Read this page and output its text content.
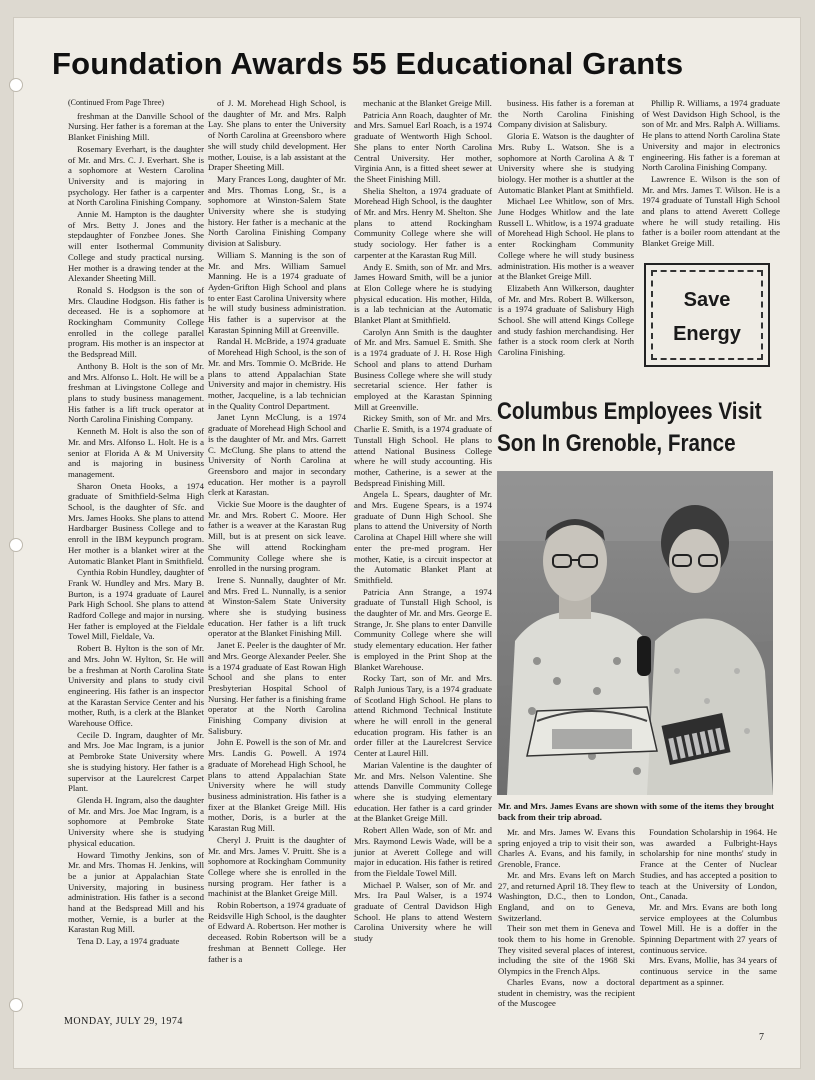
Foundation Awards 55 Educational Grants

(Continued From Page Three)

freshman at the Danville School of Nursing. Her father is a foreman at the Blanket Finishing Mill.

Rosemary Everhart, is the daughter of Mr. and Mrs. C. J. Everhart. She is a sophomore at Western Carolina University and is majoring in psychology. Her father is a carpenter at North Carolina Finishing Company.

Annie M. Hampton is the daughter of Mrs. Betty J. Jones and the stepdaughter of Fonzbee Jones. She will enter Isothermal Community College and study practical nursing. Her mother is a drawing tender at the Alexander Sheeting Mill.

Ronald S. Hodgson is the son of Mrs. Claudine Hodgson. His father is deceased. He is a sophomore at Rockingham Community College enrolled in the college parallel program. His mother is an inspector at the Bedspread Mill.

Anthony B. Holt is the son of Mr. and Mrs. Alfonso L. Holt. He will be a freshman at Livingstone College and plans to study business management. His father is a lift truck operator at North Carolina Finishing Company.

Kenneth M. Holt is also the son of Mr. and Mrs. Alfonso L. Holt. He is a senior at Florida A & M University and is majoring in business management.

Sharon Oneta Hooks, a 1974 graduate of Smithfield-Selma High School, is the daughter of Sfc. and Mrs. James Hooks. She plans to attend Hardbarger Business College and to enroll in the IBM keypunch program. Her mother is a blanket wirer at the Automatic Blanket Plant in Smithfield.

Cynthia Robin Hundley, daughter of Frank W. Hundley and Mrs. Mary B. Burton, is a 1974 graduate of Laurel Park High School. She plans to attend Radford College and major in nursing. Her father is employed at the Fieldale Towel Mill, Fieldale, Va.

Robert B. Hylton is the son of Mr. and Mrs. John W. Hylton, Sr. He will be a freshman at North Carolina State University and plans to study civil engineering. His father is an inspector at the Karastan Service Center and his mother, Ruth, is a clerk at the Blanket Warehouse Office.

Cecile D. Ingram, daughter of Mr. and Mrs. Joe Mac Ingram, is a junior at Pembroke State University where she is studying history. Her father is a supervisor at the Laurelcrest Carpet Plant.

Glenda H. Ingram, also the daughter of Mr. and Mrs. Joe Mac Ingram, is a sophomore at Pembroke State University where she is studying physical education.

Howard Timothy Jenkins, son of Mr. and Mrs. Thomas H. Jenkins, will be a junior at Appalachian State University, majoring in business administration. His father is a second hand at the Bedspread Mill and his mother, Vernie, is a burler at the Karastan Rug Mill.

Tena D. Lay, a 1974 graduate

of J. M. Morehead High School, is the daughter of Mr. and Mrs. Ralph Lay. She plans to enter the University of North Carolina at Greensboro where she will study child development. Her mother, Louise, is a lab assistant at the Draper Sheeting Mill.

Mary Frances Long, daughter of Mr. and Mrs. Thomas Long, Sr., is a sophomore at Winston-Salem State University where she is studying history. Her father is a mechanic at the North Carolina Finishing Company division at Salisbury.

William S. Manning is the son of Mr. and Mrs. William Samuel Manning. He is a 1974 graduate of Ayden-Grifton High School and plans to enter East Carolina University where he will study business administration. His father is a supervisor at the Karastan Spinning Mill at Greenville.

Randal H. McBride, a 1974 graduate of Morehead High School, is the son of Mr. and Mrs. Tommie O. McBride. He plans to attend Appalachian State University and major in chemistry. His mother, Jacqueline, is a lab technician in the Quality Control Department.

Janet Lynn McClung, is a 1974 graduate of Morehead High School and is the daughter of Mr. and Mrs. Garrett C. McClung. She plans to attend the University of North Carolina at Greensboro and major in secondary education. Her mother is a payroll clerk at Karastan.

Vickie Sue Moore is the daughter of Mr. and Mrs. Robert C. Moore. Her father is a weaver at the Karastan Rug Mill, but is at present on sick leave. She will attend Rockingham Community College where she is enrolled in the nursing program.

Irene S. Nunnally, daughter of Mr. and Mrs. Fred L. Nunnally, is a senior at Winston-Salem State University where she is studying business education. Her father is a lift truck operator at the Blanket Finishing Mill.

Janet E. Peeler is the daughter of Mr. and Mrs. George Alexander Peeler. She is a 1974 graduate of East Rowan High School and she plans to enter Presbyterian Hospital School of Nursing. Her father is a finishing frame operator at the North Carolina Finishing Company division at Salisbury.

John E. Powell is the son of Mr. and Mrs. Landis G. Powell. A 1974 graduate of Morehead High School, he plans to attend Appalachian State University where he will study business administration. His father is a fixer at the Blanket Greige Mill. His mother, Doris, is a burler at the Karastan Rug Mill.

Cheryl J. Pruitt is the daughter of Mr. and Mrs. James V. Pruitt. She is a sophomore at Rockingham Community College where she is enrolled in the nursing program. Her father is a machinist at the Blanket Greige Mill.

Robin Robertson, a 1974 graduate of Reidsville High School, is the daughter of Edward A. Robertson. Her mother is deceased. Robin Robertson will be a freshman at Bennett College. Her father is a

mechanic at the Blanket Greige Mill.

Patricia Ann Roach, daughter of Mr. and Mrs. Samuel Earl Roach, is a 1974 graduate of Wentworth High School. She plans to enter North Carolina Central University. Her mother, Virginia Ann, is a fitted sheet sewer at the Sheet Finishing Mill.

Shelia Shelton, a 1974 graduate of Morehead High School, is the daughter of Mr. and Mrs. Henry M. Shelton. She plans to attend Rockingham Community College where she will study sociology. Her father is a carpenter at the Karastan Rug Mill.

Andy E. Smith, son of Mr. and Mrs. James Howard Smith, will be a junior at Elon College where he is studying physical education. His mother, Hilda, is a lab technician at the Automatic Blanket Plant at Smithfield.

Carolyn Ann Smith is the daughter of Mr. and Mrs. Samuel E. Smith. She is a 1974 graduate of J. H. Rose High School and plans to attend Durham Business College where she will study secretarial science. Her father is employed at the Karastan Spinning Mill at Greenville.

Rickey Smith, son of Mr. and Mrs. Charlie E. Smith, is a 1974 graduate of Tunstall High School. He plans to attend National Business College where he will study accounting. His mother, Catherine, is a sewer at the Bedspread Finishing Mill.

Angela L. Spears, daughter of Mr. and Mrs. Eugene Spears, is a 1974 graduate of Dunn High School. She plans to attend the University of North Carolina at Chapel Hill where she will enter the pre-med program. Her mother, Katie, is a circuit inspector at the Automatic Blanket Plant at Smithfield.

Patricia Ann Strange, a 1974 graduate of Tunstall High School, is the daughter of Mr. and Mrs. George E. Strange, Jr. She plans to enter Danville Community College where she will study elementary education. Her father is employed in the Print Shop at the Blanket Warehouse.

Rocky Tart, son of Mr. and Mrs. Ralph Junious Tary, is a 1974 graduate of Scotland High School. He plans to attend Richmond Technical Institute where he will enroll in the general education program. His father is an order filler at the Laurelcrest Service Center at Laurel Hill.

Marian Valentine is the daughter of Mr. and Mrs. Nelson Valentine. She attends Danville Community College where she is studying elementary education. Her father is a card grinder at the Blanket Greige Mill.

Robert Allen Wade, son of Mr. and Mrs. Raymond Lewis Wade, will be a junior at Averett College and will major in education. His father is retired from the Fieldale Towel Mill.

Michael P. Walser, son of Mr. and Mrs. Ira Paul Walser, is a 1974 graduate of Central Davidson High School. He plans to attend Western Carolina University where he will study

business. His father is a foreman at the North Carolina Finishing Company division at Salisbury.

Gloria E. Watson is the daughter of Mrs. Ruby L. Watson. She is a sophomore at North Carolina A & T University where she is studying biology. Her mother is a shuttler at the Automatic Blanket Plant at Smithfield.

Michael Lee Whitlow, son of Mrs. June Hodges Whitlow and the late Russell L. Whitlow, is a 1974 graduate of Morehead High School. He plans to enter Rockingham Community College where he will study business administration. His mother is a weaver at the Blanket Greige Mill.

Elizabeth Ann Wilkerson, daughter of Mr. and Mrs. Robert B. Wilkerson, is a 1974 graduate of Salisbury High School. She will attend Kings College and study fashion merchandising. Her father is a stock room clerk at North Carolina Finishing.

Phillip R. Williams, a 1974 graduate of West Davidson High School, is the son of Mr. and Mrs. Ralph A. Williams. He plans to attend North Carolina State University and major in electronics engineering. His father is a foreman at North Carolina Finishing Company.

Lawrence E. Wilson is the son of Mr. and Mrs. James T. Wilson. He is a 1974 graduate of Tunstall High School and plans to attend Averett College where he will study retailing. His father is a boiler room attendant at the Blanket Greige Mill.

Save
Energy
Columbus Employees Visit
Son In Grenoble, France
Mr. and Mrs. James Evans are shown with some of the items they brought back from their trip abroad.

Mr. and Mrs. James W. Evans this spring enjoyed a trip to visit their son, Charles A. Evans, and his family, in Grenoble, France.

Mr. and Mrs. Evans left on March 27, and returned April 18. They flew to Washington, D.C., then to London, England, and on to Geneva, Switzerland.

Their son met them in Geneva and took them to his home in Grenoble. They visited several places of interest, including the site of the 1968 Ski Olympics in the French Alps.

Charles Evans, now a doctoral student in chemistry, was the recipient of the Muscogee

Foundation Scholarship in 1964. He was awarded a Fulbright-Hays scholarship for nine months' study in France at the Center of Nuclear Studies, and has accepted a position to teach at the University of London, Ont., Canada.

Mr. and Mrs. Evans are both long service employees at the Columbus Towel Mill. He is a doffer in the Spinning Department with 27 years of continuous service.

Mrs. Evans, Mollie, has 34 years of continuous service in the same department as a spinner.

MONDAY, JULY 29, 1974
7
